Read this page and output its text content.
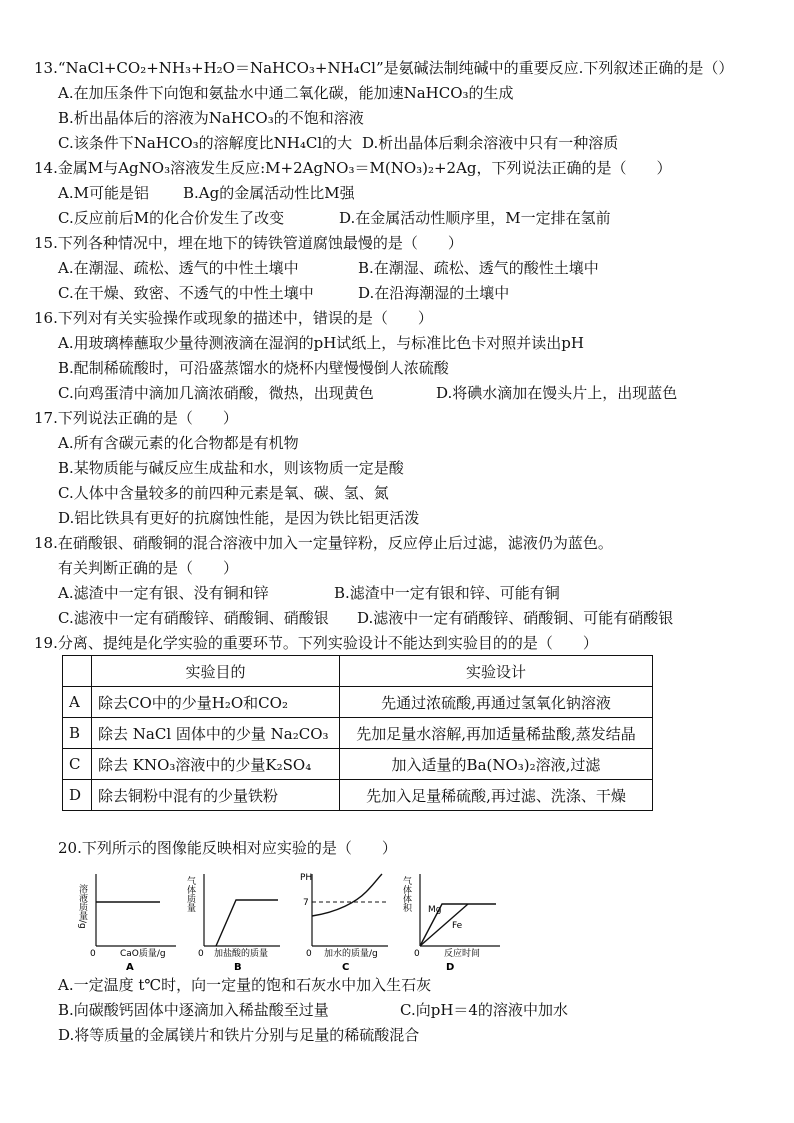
13.“NaCl+CO₂+NH₃+H₂O＝NaHCO₃+NH₄Cl”是氨碱法制纯碱中的重要反应.下列叙述正确的是（）
A.在加压条件下向饱和氨盐水中通二氧化碳，能加速NaHCO₃的生成
B.析出晶体后的溶液为NaHCO₃的不饱和溶液
C.该条件下NaHCO₃的溶解度比NH₄Cl的大 D.析出晶体后剩余溶液中只有一种溶质
14.金属M与AgNO₃溶液发生反应:M+2AgNO₃＝M(NO₃)₂+2Ag，下列说法正确的是（　　）
A.M可能是铝 B.Ag的金属活动性比M强
C.反应前后M的化合价发生了改变	D.在金属活动性顺序里，M一定排在氢前
15.下列各种情况中，埋在地下的铸铁管道腐蚀最慢的是（　　）
A.在潮湿、疏松、透气的中性土壤中	B.在潮湿、疏松、透气的酸性土壤中
C.在干燥、致密、不透气的中性土壤中	D.在沿海潮湿的土壤中
16.下列对有关实验操作或现象的描述中，错误的是（　　）
A.用玻璃棒蘸取少量待测液滴在湿润的pH试纸上，与标准比色卡对照并读出pH
B.配制稀硫酸时，可沿盛蒸馏水的烧杯内壁慢慢倒人浓硫酸
C.向鸡蛋清中滴加几滴浓硝酸，微热，出现黄色	D.将碘水滴加在馒头片上，出现蓝色
17.下列说法正确的是（　　）
A.所有含碳元素的化合物都是有机物
B.某物质能与碱反应生成盐和水，则该物质一定是酸
C.人体中含量较多的前四种元素是氧、碳、氢、氮
D.铝比铁具有更好的抗腐蚀性能，是因为铁比铝更活泼
18.在硝酸银、硝酸铜的混合溶液中加入一定量锌粉，反应停止后过滤，滤液仍为蓝色。
有关判断正确的是（　　）
A.滤渣中一定有银、没有铜和锌	B.滤渣中一定有银和锌、可能有铜
C.滤液中一定有硝酸锌、硝酸铜、硝酸银 D.滤液中一定有硝酸锌、硝酸铜、可能有硝酸银
19.分离、提纯是化学实验的重要环节。下列实验设计不能达到实验目的的是（　　）
	实验目的	实验设计
A	除去CO中的少量H₂O和CO₂	先通过浓硫酸,再通过氢氧化钠溶液
B	除去 NaCl 固体中的少量 Na₂CO₃	先加足量水溶解,再加适量稀盐酸,蒸发结晶
C	除去 KNO₃溶液中的少量K₂SO₄	加入适量的Ba(NO₃)₂溶液,过滤
D	除去铜粉中混有的少量铁粉	先加入足量稀硫酸,再过滤、洗涤、干燥
20.下列所示的图像能反映相对应实验的是（　　）
溶液质量/g
0	CaO质量/g
A
气体质量
0 加盐酸的质量
B
PH
7
0 加水的质量/g
C
气体体积 Mg
Fe
0	反应时间
D
A.一定温度 t℃时，向一定量的饱和石灰水中加入生石灰
B.向碳酸钙固体中逐滴加入稀盐酸至过量	C.向pH＝4的溶液中加水
D.将等质量的金属镁片和铁片分别与足量的稀硫酸混合
